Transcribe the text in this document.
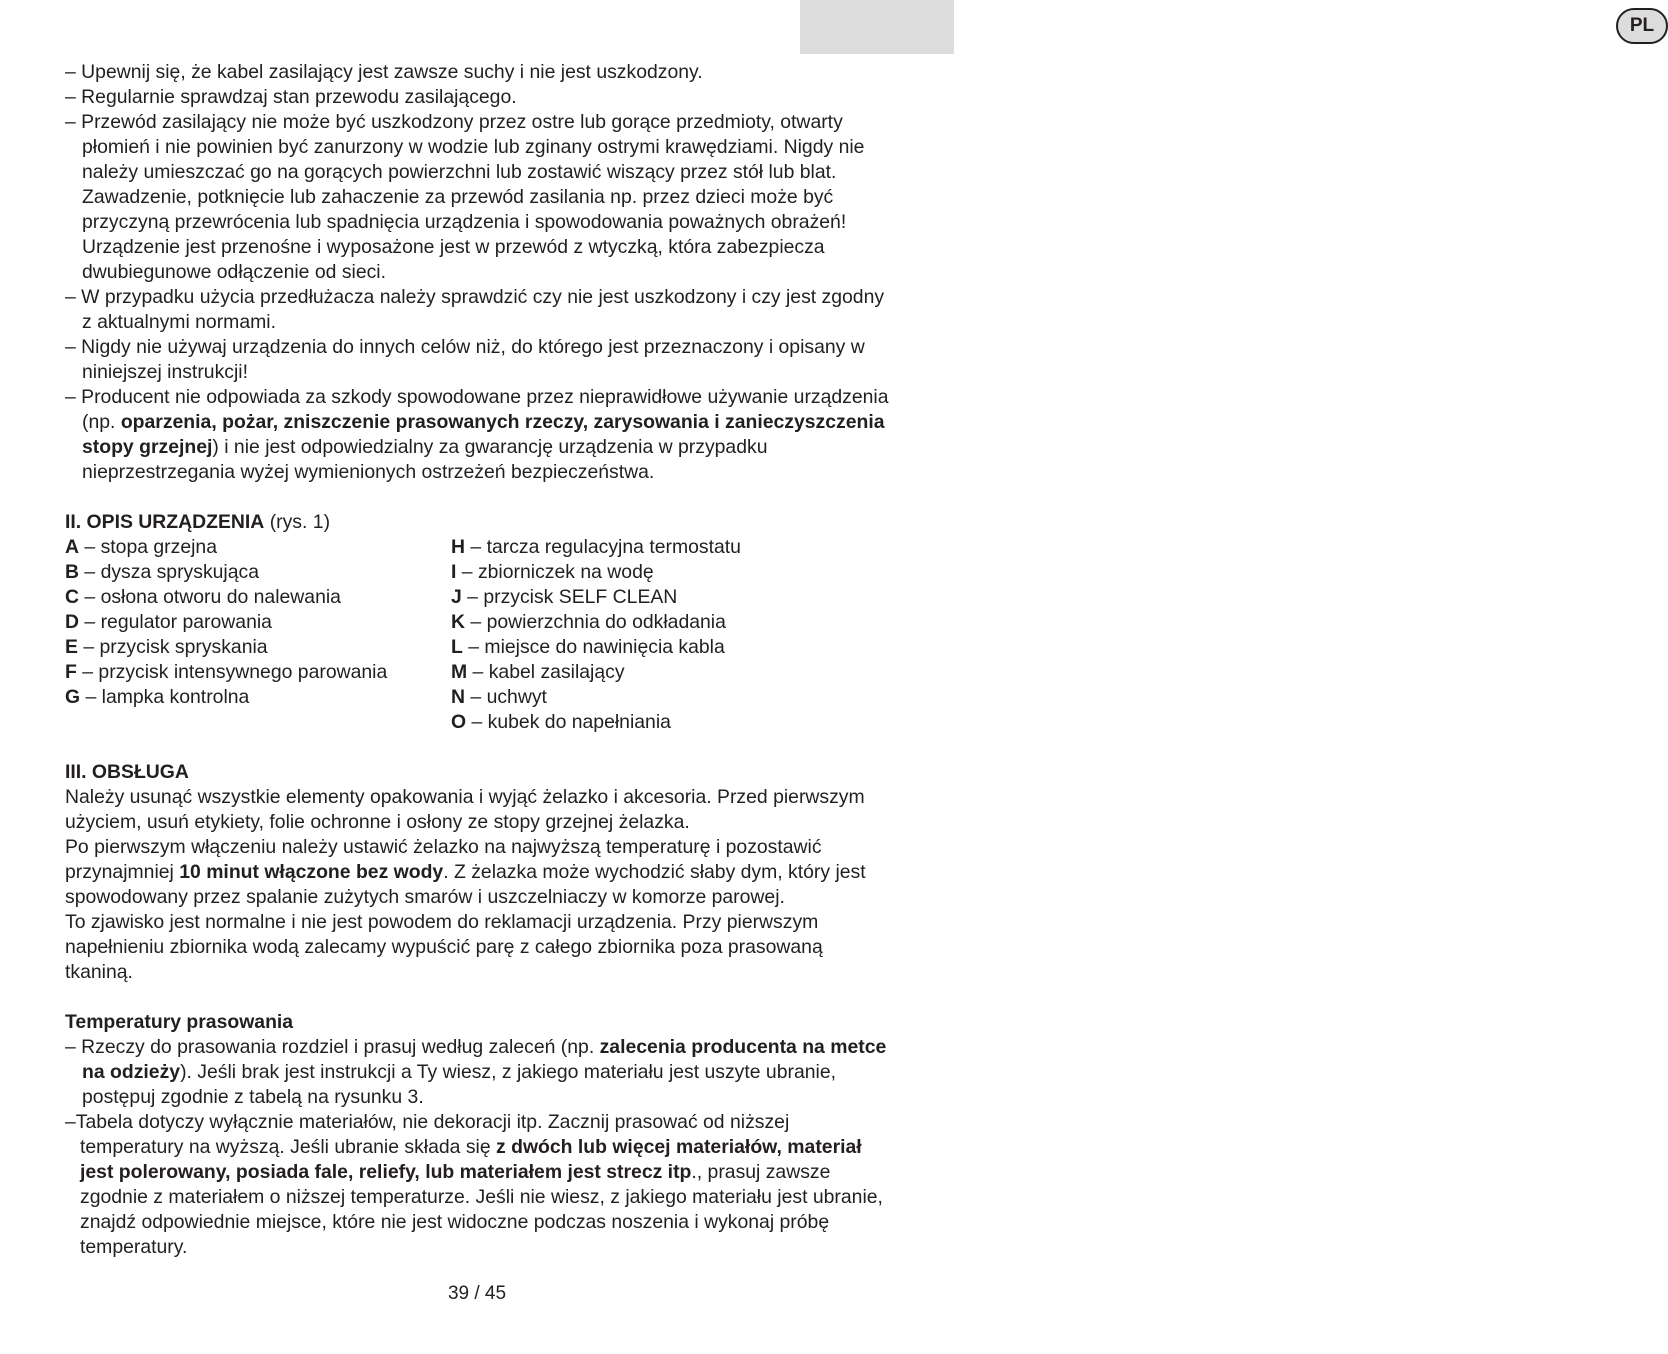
PL
– Upewnij się, że kabel zasilający jest zawsze suchy i nie jest uszkodzony.
– Regularnie sprawdzaj stan przewodu zasilającego.
– Przewód zasilający nie może być uszkodzony przez ostre lub gorące przedmioty, otwarty płomień i nie powinien być zanurzony w wodzie lub zginany ostrymi krawędziami. Nigdy nie należy umieszczać go na gorących powierzchni lub zostawić wiszący przez stół lub blat. Zawadzenie, potknięcie lub zahaczenie za przewód zasilania np. przez dzieci może być przyczyną przewrócenia lub spadnięcia urządzenia i spowodowania poważnych obrażeń! Urządzenie jest przenośne i wyposażone jest w przewód z wtyczką, która zabezpiecza dwubiegunowe odłączenie od sieci.
– W przypadku użycia przedłużacza należy sprawdzić czy nie jest uszkodzony i czy jest zgodny z aktualnymi normami.
– Nigdy nie używaj urządzenia do innych celów niż, do którego jest przeznaczony i opisany w niniejszej instrukcji!
– Producent nie odpowiada za szkody spowodowane przez nieprawidłowe używanie urządzenia (np. oparzenia, pożar, zniszczenie prasowanych rzeczy, zarysowania i zanieczyszczenia stopy grzejnej) i nie jest odpowiedzialny za gwarancję urządzenia w przypadku nieprzestrzegania wyżej wymienionych ostrzeżeń bezpieczeństwa.

II. OPIS URZĄDZENIA (rys. 1)

A – stopa grzejna

B – dysza spryskująca

C – osłona otworu do nalewania

D – regulator parowania

E – przycisk spryskania

F – przycisk intensywnego parowania

G – lampka kontrolna

H – tarcza regulacyjna termostatu

I – zbiorniczek na wodę

J – przycisk SELF CLEAN

K – powierzchnia do odkładania

L – miejsce do nawinięcia kabla

M – kabel zasilający

N – uchwyt

O – kubek do napełniania

III. OBSŁUGA

Należy usunąć wszystkie elementy opakowania i wyjąć żelazko i akcesoria. Przed pierwszym użyciem, usuń etykiety, folie ochronne i osłony ze stopy grzejnej żelazka.

Po pierwszym włączeniu należy ustawić żelazko na najwyższą temperaturę i pozostawić przynajmniej 10 minut włączone bez wody. Z żelazka może wychodzić słaby dym, który jest spowodowany przez spalanie zużytych smarów i uszczelniaczy w komorze parowej.

To zjawisko jest normalne i nie jest powodem do reklamacji urządzenia. Przy pierwszym napełnieniu zbiornika wodą zalecamy wypuścić parę z całego zbiornika poza prasowaną tkaniną.

Temperatury prasowania

– Rzeczy do prasowania rozdziel i prasuj według zaleceń (np. zalecenia producenta na metce na odzieży). Jeśli brak jest instrukcji a Ty wiesz, z jakiego materiału jest uszyte ubranie, postępuj zgodnie z tabelą na rysunku 3.
–Tabela dotyczy wyłącznie materiałów, nie dekoracji itp. Zacznij prasować od niższej temperatury na wyższą. Jeśli ubranie składa się z dwóch lub więcej materiałów, materiał jest polerowany, posiada fale, reliefy, lub materiałem jest strecz itp., prasuj zawsze zgodnie z materiałem o niższej temperaturze. Jeśli nie wiesz, z jakiego materiału jest ubranie, znajdź odpowiednie miejsce, które nie jest widoczne podczas noszenia i wykonaj próbę temperatury.
39 / 45
